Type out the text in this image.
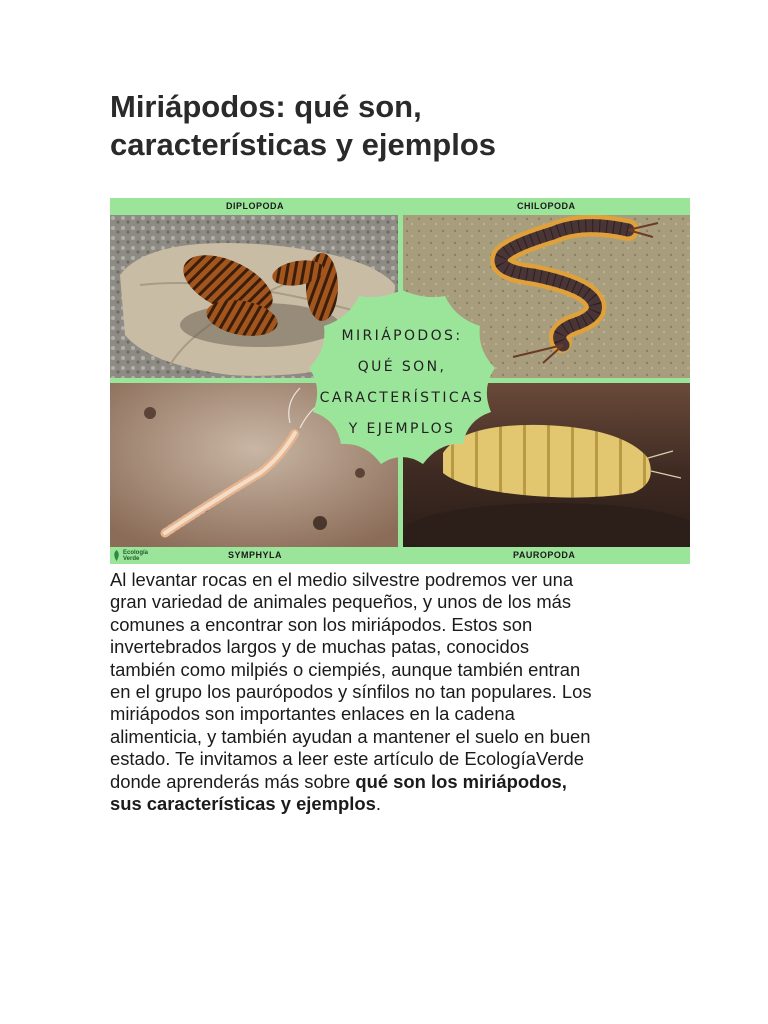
Miriápodos: qué son,
características y ejemplos
DIPLOPODA	CHILOPODA
MIRIÁPODOS:
QUÉ SON,
CARACTERÍSTICAS
Y EJEMPLOS
Ecología
Verde	SYMPHYLA	PAUROPODA

Al levantar rocas en el medio silvestre podremos ver una
gran variedad de animales pequeños, y unos de los más
comunes a encontrar son los miriápodos. Estos son
invertebrados largos y de muchas patas, conocidos
también como milpiés o ciempiés, aunque también entran
en el grupo los paurópodos y sínfilos no tan populares. Los
miriápodos son importantes enlaces en la cadena
alimenticia, y también ayudan a mantener el suelo en buen
estado. Te invitamos a leer este artículo de EcologíaVerde
donde aprenderás más sobre qué son los miriápodos,
sus características y ejemplos.
